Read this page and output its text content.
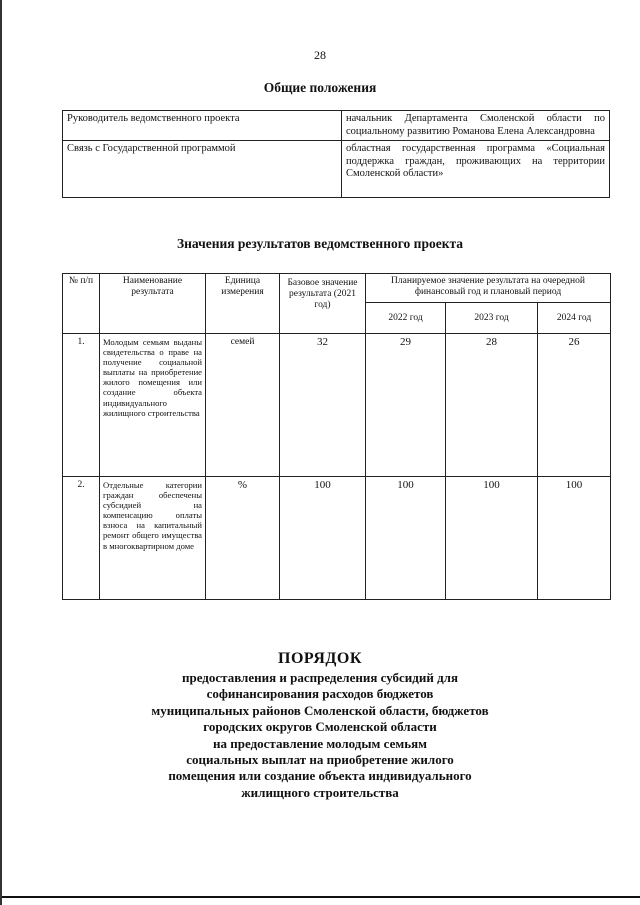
28
Общие положения
Руководитель ведомственного проекта	начальник Департамента Смоленской области по социальному развитию Романова Елена Александровна
Связь с Государственной программой	областная государственная программа «Социальная поддержка граждан, проживающих на территории Смоленской области»
Значения результатов ведомственного проекта
№ п/п	Наименование результата	Единица измерения	Базовое значение результата (2021 год)	Планируемое значение результата на очередной финансовый год и плановый период		
				2022 год	2023 год	2024 год
1.	Молодым семьям выданы свидетельства о праве на получение социальной выплаты на приобретение жилого помещения или создание объекта индивидуального жилищного строительства	семей	32	29	28	26
2.	Отдельные категории граждан обеспечены субсидией на компенсацию оплаты взноса на капитальный ремонт общего имущества в многоквартирном доме	%	100	100	100	100
ПОРЯДОК
предоставления и распределения субсидий для
софинансирования расходов бюджетов
муниципальных районов Смоленской области, бюджетов
городских округов Смоленской области
на предоставление молодым семьям
социальных выплат на приобретение жилого
помещения или создание объекта индивидуального
жилищного строительства
